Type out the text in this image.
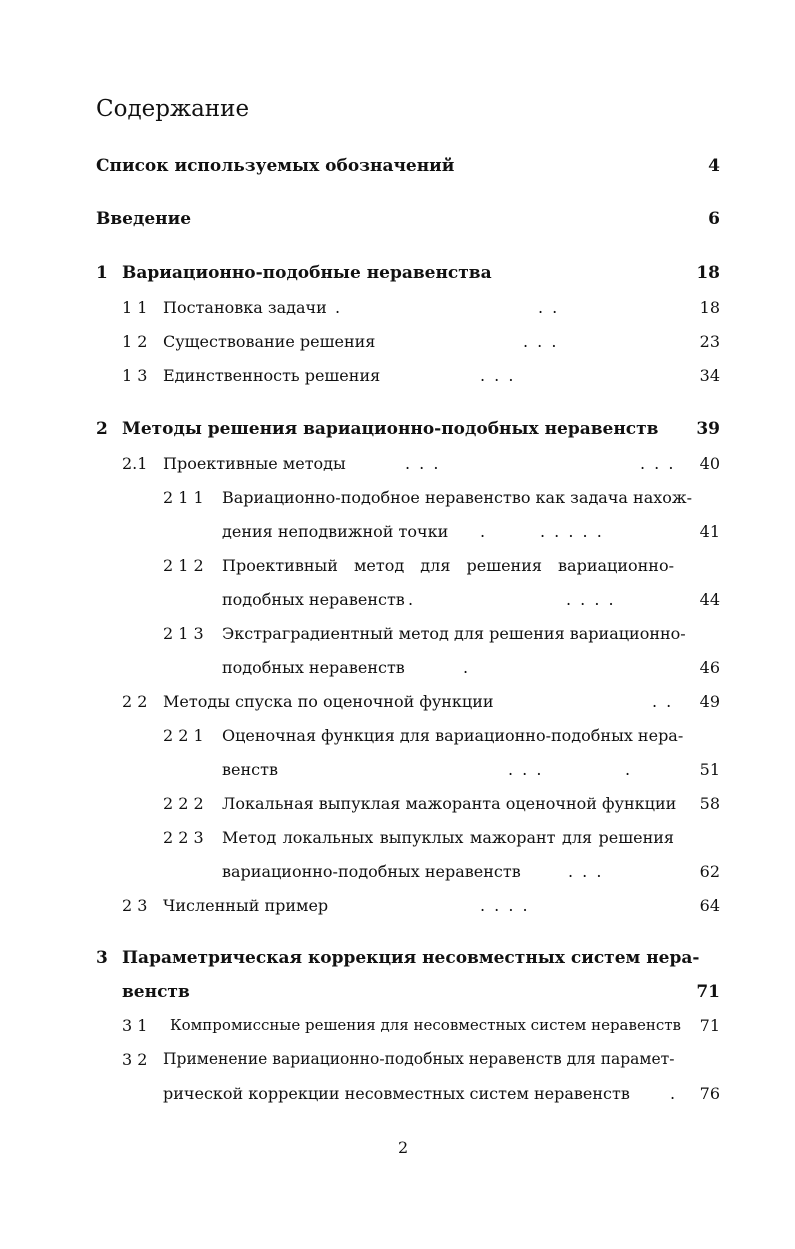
Содержание
Список используемых обозначений	4
Введение	6
1 Вариационно-подобные неравенства	18
1 1 Постановка задачи .	. .	18
1 2 Существование решения	. . .	23
1 3 Единственность решения	. . .	34
2 Методы решения вариационно-подобных неравенств	39
2.1 Проективные методы	. . .	. . .	40
2 1 1 Вариационно-подобное неравенство как задача нахож-
дения неподвижной точки .	. . . . .	41
2 1 2 Проективный метод для решения вариационно-
подобных неравенств .	. . . .	44
2 1 3 Экстраградиентный метод для решения вариационно-
подобных неравенств	.	46
2 2 Методы спуска по оценочной функции	. .	49
2 2 1 Оценочная функция для вариационно-подобных нера-
венств	. . .	.	51
2 2 2 Локальная выпуклая мажоранта оценочной функции	58
2 2 3 Метод локальных выпуклых мажорант для решения
вариационно-подобных неравенств	. . .	62
2 3 Численный пример	. . . .	64
3 Параметрическая коррекция несовместных систем нера-
венств	71
3 1 Компромиссные решения для несовместных систем неравенств	71
3 2 Применение вариационно-подобных неравенств для парамет-
рической коррекции несовместных систем неравенств	.	76
2
